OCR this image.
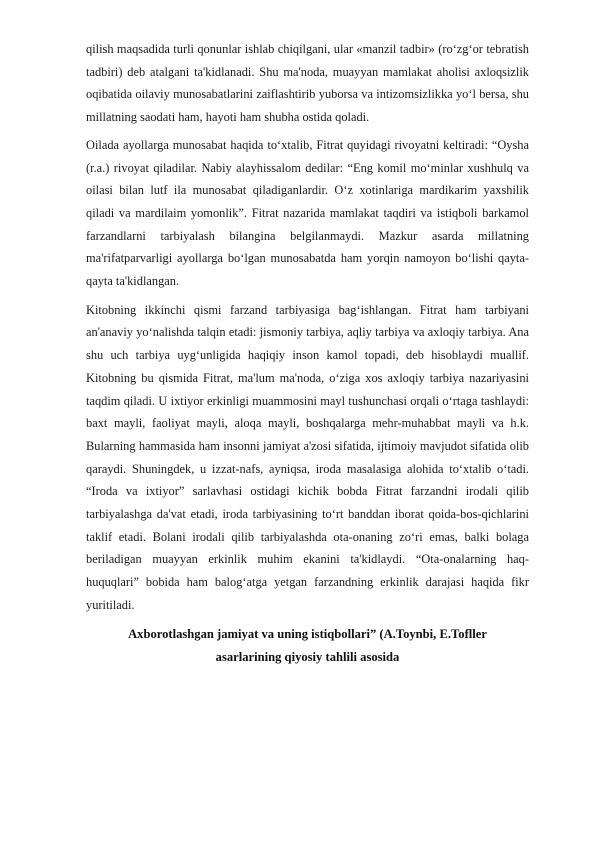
qilish maqsadida turli qonunlar ishlab chiqilgani, ular «manzil tadbir» (ro‘zg‘or tebratish tadbiri) deb atalgani ta'kidlanadi. Shu ma'noda, muayyan mamlakat aholisi axloqsizlik oqibatida oilaviy munosabatlarini zaiflashtirib yuborsa va intizomsizlikka yo‘l bersa, shu millatning saodati ham, hayoti ham shubha ostida qoladi.

Oilada ayollarga munosabat haqida to‘xtalib, Fitrat quyidagi rivoyatni keltiradi: “Oysha (r.a.) rivoyat qiladilar. Nabiy alayhissalom dedilar: “Eng komil mo‘minlar xushhulq va oilasi bilan lutf ila munosabat qiladiganlardir. O‘z xotinlariga mardikarim yaxshilik qiladi va mardilaim yomonlik”. Fitrat nazarida mamlakat taqdiri va istiqboli barkamol farzandlarni tarbiyalash bilangina belgilanmaydi. Mazkur asarda millatning ma'rifatparvarligi ayollarga bo‘lgan munosabatda ham yorqin namoyon bo‘lishi qayta-qayta ta'kidlangan.

Kitobning ikkinchi qismi farzand tarbiyasiga bag‘ishlangan. Fitrat ham tarbiyani an'anaviy yo‘nalishda talqin etadi: jismoniy tarbiya, aqliy tarbiya va axloqiy tarbiya. Ana shu uch tarbiya uyg‘unligida haqiqiy inson kamol topadi, deb hisoblaydi muallif. Kitobning bu qismida Fitrat, ma'lum ma'noda, o‘ziga xos axloqiy tarbiya nazariyasini taqdim qiladi. U ixtiyor erkinligi muammosini mayl tushunchasi orqali o‘rtaga tashlaydi: baxt mayli, faoliyat mayli, aloqa mayli, boshqalarga mehr-muhabbat mayli va h.k. Bularning hammasida ham insonni jamiyat a'zosi sifatida, ijtimoiy mavjudot sifatida olib qaraydi. Shuningdek, u izzat-nafs, ayniqsa, iroda masalasiga alohida to‘xtalib o‘tadi. “Iroda va ixtiyor” sarlavhasi ostidagi kichik bobda Fitrat farzandni irodali qilib tarbiyalashga da'vat etadi, iroda tarbiyasining to‘rt banddan iborat qoida-bos-qichlarini taklif etadi. Bolani irodali qilib tarbiyalashda ota-onaning zo‘ri emas, balki bolaga beriladigan muayyan erkinlik muhim ekanini ta'kidlaydi. “Ota-onalarning haq-huquqlari” bobida ham balog‘atga yetgan farzandning erkinlik darajasi haqida fikr yuritiladi.

Axborotlashgan jamiyat va uning istiqbollari” (A.Toynbi, E.Tofller
asarlarining qiyosiy tahlili asosida
